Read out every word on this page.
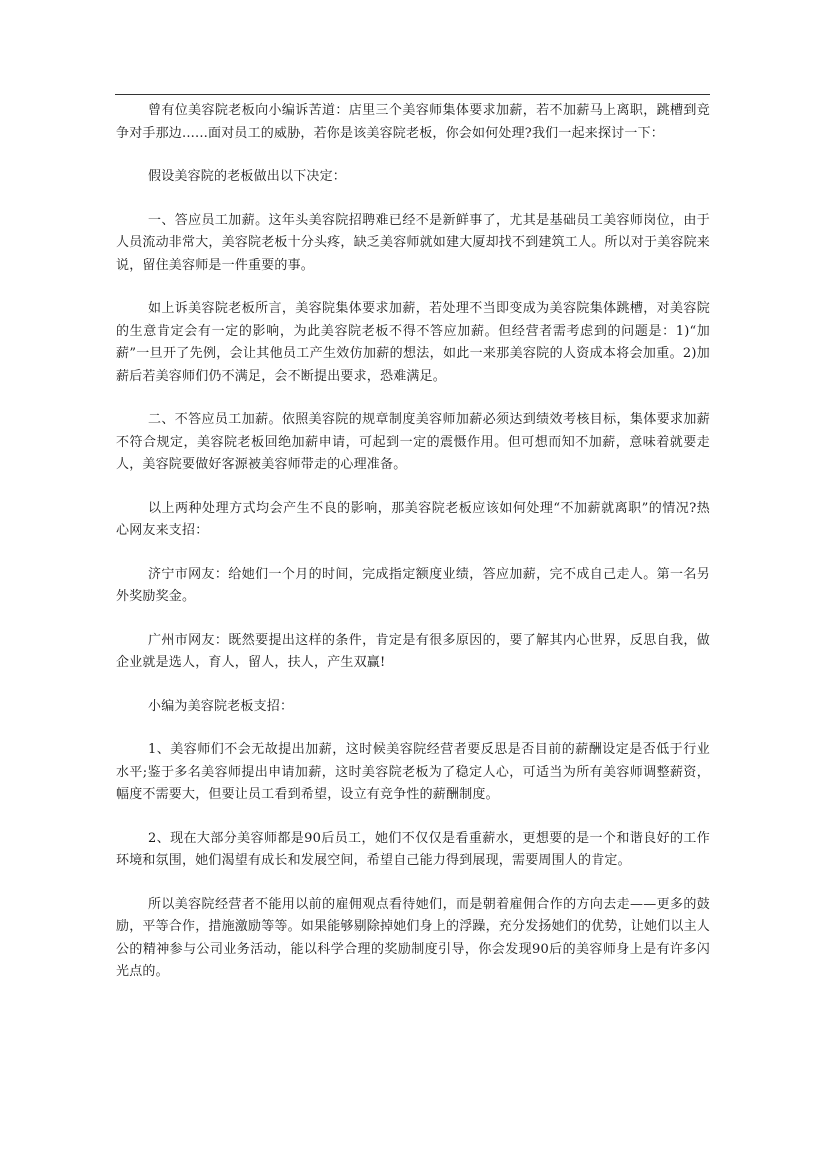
曾有位美容院老板向小编诉苦道：店里三个美容师集体要求加薪，若不加薪马上离职，跳槽到竞争对手那边......面对员工的威胁，若你是该美容院老板，你会如何处理?我们一起来探讨一下：

假设美容院的老板做出以下决定：

一、答应员工加薪。这年头美容院招聘难已经不是新鲜事了，尤其是基础员工美容师岗位，由于人员流动非常大，美容院老板十分头疼，缺乏美容师就如建大厦却找不到建筑工人。所以对于美容院来说，留住美容师是一件重要的事。

如上诉美容院老板所言，美容院集体要求加薪，若处理不当即变成为美容院集体跳槽，对美容院的生意肯定会有一定的影响，为此美容院老板不得不答应加薪。但经营者需考虑到的问题是：1)“加薪”一旦开了先例，会让其他员工产生效仿加薪的想法，如此一来那美容院的人资成本将会加重。2)加薪后若美容师们仍不满足，会不断提出要求，恐难满足。

二、不答应员工加薪。依照美容院的规章制度美容师加薪必须达到绩效考核目标，集体要求加薪不符合规定，美容院老板回绝加薪申请，可起到一定的震慑作用。但可想而知不加薪，意味着就要走人，美容院要做好客源被美容师带走的心理准备。

以上两种处理方式均会产生不良的影响，那美容院老板应该如何处理“不加薪就离职”的情况?热心网友来支招：

济宁市网友：给她们一个月的时间，完成指定额度业绩，答应加薪，完不成自己走人。第一名另外奖励奖金。

广州市网友：既然要提出这样的条件，肯定是有很多原因的，要了解其内心世界，反思自我，做企业就是选人，育人，留人，扶人，产生双赢!

小编为美容院老板支招：

1、美容师们不会无故提出加薪，这时候美容院经营者要反思是否目前的薪酬设定是否低于行业水平;鉴于多名美容师提出申请加薪，这时美容院老板为了稳定人心，可适当为所有美容师调整薪资，幅度不需要大，但要让员工看到希望，设立有竞争性的薪酬制度。

2、现在大部分美容师都是90后员工，她们不仅仅是看重薪水，更想要的是一个和谐良好的工作环境和氛围，她们渴望有成长和发展空间，希望自己能力得到展现，需要周围人的肯定。

所以美容院经营者不能用以前的雇佣观点看待她们，而是朝着雇佣合作的方向去走——更多的鼓励，平等合作，措施激励等等。如果能够剔除掉她们身上的浮躁，充分发扬她们的优势，让她们以主人公的精神参与公司业务活动，能以科学合理的奖励制度引导，你会发现90后的美容师身上是有许多闪光点的。
